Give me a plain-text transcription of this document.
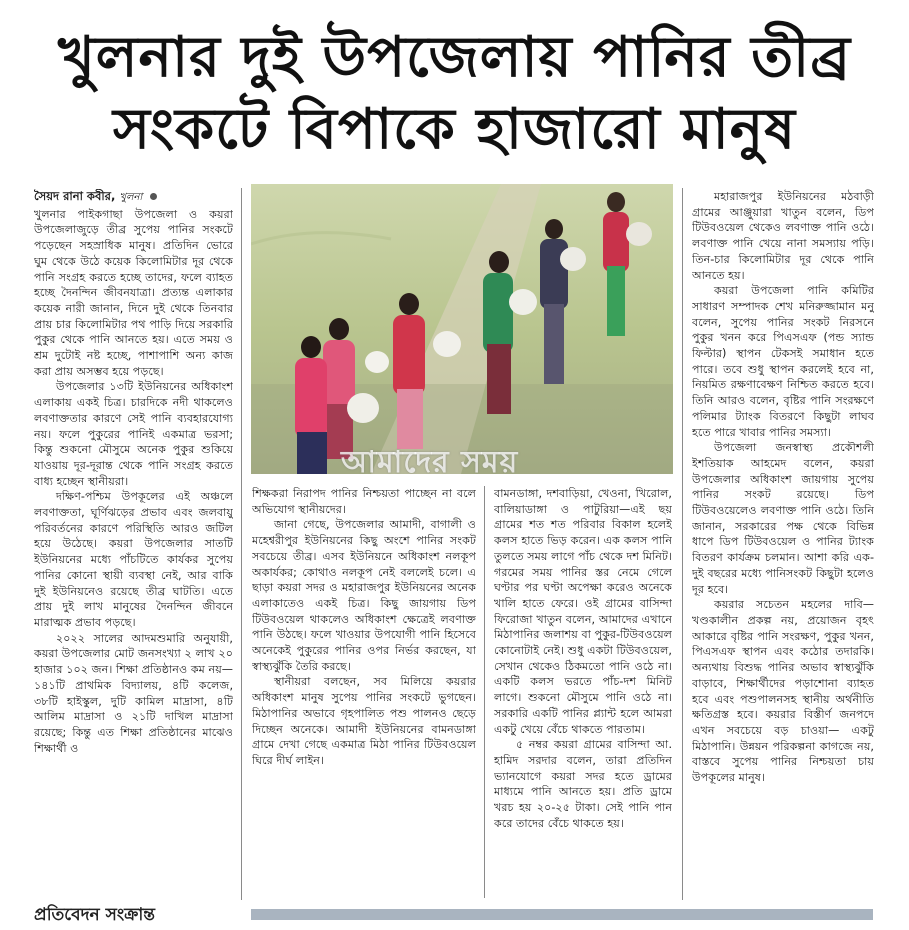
খুলনার দুই উপজেলায় পানির তীব্র
সংকটে বিপাকে হাজারো মানুষ
সৈয়দ রানা কবীর, খুলনা

খুলনার পাইকগাছা উপজেলা ও কয়রা উপজেলাজুড়ে তীব্র সুপেয় পানির সংকটে পড়েছেন সহস্রাধিক মানুষ। প্রতিদিন ভোরে ঘুম থেকে উঠে কয়েক কিলোমিটার দূর থেকে পানি সংগ্রহ করতে হচ্ছে তাদের, ফলে ব্যাহত হচ্ছে দৈনন্দিন জীবনযাত্রা। প্রত্যন্ত এলাকার কয়েক নারী জানান, দিনে দুই থেকে তিনবার প্রায় চার কিলোমিটার পথ পাড়ি দিয়ে সরকারি পুকুর থেকে পানি আনতে হয়। এতে সময় ও শ্রম দুটোই নষ্ট হচ্ছে, পাশাপাশি অন্য কাজ করা প্রায় অসম্ভব হয়ে পড়ছে।

উপজেলার ১৩টি ইউনিয়নের অধিকাংশ এলাকায় একই চিত্র। চারদিকে নদী থাকলেও লবণাক্ততার কারণে সেই পানি ব্যবহারযোগ্য নয়। ফলে পুকুরের পানিই একমাত্র ভরসা; কিন্তু শুকনো মৌসুমে অনেক পুকুর শুকিয়ে যাওয়ায় দূর-দূরান্ত থেকে পানি সংগ্রহ করতে বাধ্য হচ্ছেন স্থানীয়রা।

দক্ষিণ-পশ্চিম উপকূলের এই অঞ্চলে লবণাক্ততা, ঘূর্ণিঝড়ের প্রভাব এবং জলবায়ু পরিবর্তনের কারণে পরিস্থিতি আরও জটিল হয়ে উঠেছে। কয়রা উপজেলার সাতটি ইউনিয়নের মধ্যে পাঁচটিতে কার্যকর সুপেয় পানির কোনো স্থায়ী ব্যবস্থা নেই, আর বাকি দুই ইউনিয়নেও রয়েছে তীব্র ঘাটতি। এতে প্রায় দুই লাখ মানুষের দৈনন্দিন জীবনে মারাত্মক প্রভাব পড়ছে।

২০২২ সালের আদমশুমারি অনুযায়ী, কয়রা উপজেলার মোট জনসংখ্যা ২ লাখ ২০ হাজার ১০২ জন। শিক্ষা প্রতিষ্ঠানও কম নয়—১৪১টি প্রাথমিক বিদ্যালয়, ৪টি কলেজ, ৩৮টি হাইস্কুল, দুটি কামিল মাদ্রাসা, ৪টি আলিম মাদ্রাসা ও ২১টি দাখিল মাদ্রাসা রয়েছে; কিন্তু এত শিক্ষা প্রতিষ্ঠানের মাঝেও শিক্ষার্থী ও

আমাদের সময়

শিক্ষকরা নিরাপদ পানির নিশ্চয়তা পাচ্ছেন না বলে অভিযোগ স্থানীয়দের।

জানা গেছে, উপজেলার আমাদী, বাগালী ও মহেশ্বরীপুর ইউনিয়নের কিছু অংশে পানির সংকট সবচেয়ে তীব্র। এসব ইউনিয়নে অধিকাংশ নলকূপ অকার্যকর; কোথাও নলকূপ নেই বললেই চলে। এ ছাড়া কয়রা সদর ও মহারাজপুর ইউনিয়নের অনেক এলাকাতেও একই চিত্র। কিছু জায়গায় ডিপ টিউবওয়েল থাকলেও অধিকাংশ ক্ষেত্রেই লবণাক্ত পানি উঠছে। ফলে খাওয়ার উপযোগী পানি হিসেবে অনেকেই পুকুরের পানির ওপর নির্ভর করছেন, যা স্বাস্থ্যঝুঁকি তৈরি করছে।

স্থানীয়রা বলছেন, সব মিলিয়ে কয়রার অধিকাংশ মানুষ সুপেয় পানির সংকটে ভুগছেন। মিঠাপানির অভাবে গৃহপালিত পশু পালনও ছেড়ে দিচ্ছেন অনেকে। আমাদী ইউনিয়নের বামনডাঙ্গা গ্রামে দেখা গেছে একমাত্র মিঠা পানির টিউবওয়েল ঘিরে দীর্ঘ লাইন।

বামনডাঙ্গা, দশবাড়িয়া, খেওনা, খিরোল, বালিয়াডাঙ্গা ও পাটুরিয়া—এই ছয় গ্রামের শত শত পরিবার বিকাল হলেই কলস হাতে ভিড় করেন। এক কলস পানি তুলতে সময় লাগে পাঁচ থেকে দশ মিনিট। গরমের সময় পানির স্তর নেমে গেলে ঘণ্টার পর ঘণ্টা অপেক্ষা করেও অনেকে খালি হাতে ফেরে। ওই গ্রামের বাসিন্দা ফিরোজা খাতুন বলেন, আমাদের এখানে মিঠাপানির জলাশয় বা পুকুর-টিউবওয়েল কোনোটাই নেই। শুধু একটা টিউবওয়েল, সেখান থেকেও ঠিকমতো পানি ওঠে না। একটি কলস ভরতে পাঁচ-দশ মিনিট লাগে। শুকনো মৌসুমে পানি ওঠে না। সরকারি একটি পানির প্ল্যান্ট হলে আমরা একটু খেয়ে বেঁচে থাকতে পারতাম।

৫ নম্বর কয়রা গ্রামের বাসিন্দা আ. হামিদ সরদার বলেন, তারা প্রতিদিন ভ্যানযোগে কয়রা সদর হতে ড্রামের মাধ্যমে পানি আনতে হয়। প্রতি ড্রামে খরচ হয় ২০-২৫ টাকা। সেই পানি পান করে তাদের বেঁচে থাকতে হয়।

মহারাজপুর ইউনিয়নের মঠবাড়ী গ্রামের আঞ্জুয়ারা খাতুন বলেন, ডিপ টিউবওয়েল থেকেও লবণাক্ত পানি ওঠে। লবণাক্ত পানি খেয়ে নানা সমস্যায় পড়ি। তিন-চার কিলোমিটার দূর থেকে পানি আনতে হয়।

কয়রা উপজেলা পানি কমিটির সাধারণ সম্পাদক শেখ মনিরুজ্জামান মনু বলেন, সুপেয় পানির সংকট নিরসনে পুকুর খনন করে পিএসএফ (পন্ড স্যান্ড ফিল্টার) স্থাপন টেকসই সমাধান হতে পারে। তবে শুধু স্থাপন করলেই হবে না, নিয়মিত রক্ষণাবেক্ষণ নিশ্চিত করতে হবে। তিনি আরও বলেন, বৃষ্টির পানি সংরক্ষণে পলিমার ট্যাংক বিতরণে কিছুটা লাঘব হতে পারে খাবার পানির সমস্যা।

উপজেলা জনস্বাস্থ্য প্রকৌশলী ইশতিয়াক আহমেদ বলেন, কয়রা উপজেলার অধিকাংশ জায়গায় সুপেয় পানির সংকট রয়েছে। ডিপ টিউবওয়েলেও লবণাক্ত পানি ওঠে। তিনি জানান, সরকারের পক্ষ থেকে বিভিন্ন ধাপে ডিপ টিউবওয়েল ও পানির ট্যাংক বিতরণ কার্যক্রম চলমান। আশা করি এক-দুই বছরের মধ্যে পানিসংকট কিছুটা হলেও দূর হবে।

কয়রার সচেতন মহলের দাবি—খণ্ডকালীন প্রকল্প নয়, প্রয়োজন বৃহৎ আকারে বৃষ্টির পানি সংরক্ষণ, পুকুর খনন, পিএসএফ স্থাপন এবং কঠোর তদারকি। অন্যথায় বিশুদ্ধ পানির অভাব স্বাস্থ্যঝুঁকি বাড়াবে, শিক্ষার্থীদের পড়াশোনা ব্যাহত হবে এবং পশুপালনসহ স্থানীয় অর্থনীতি ক্ষতিগ্রস্ত হবে। কয়রার বিস্তীর্ণ জনপদে এখন সবচেয়ে বড় চাওয়া— একটু মিঠাপানি। উন্নয়ন পরিকল্পনা কাগজে নয়, বাস্তবে সুপেয় পানির নিশ্চয়তা চায় উপকূলের মানুষ।

প্রতিবেদন সংক্রান্ত
